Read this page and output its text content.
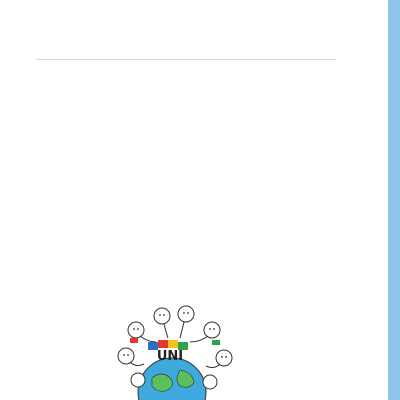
UNI
